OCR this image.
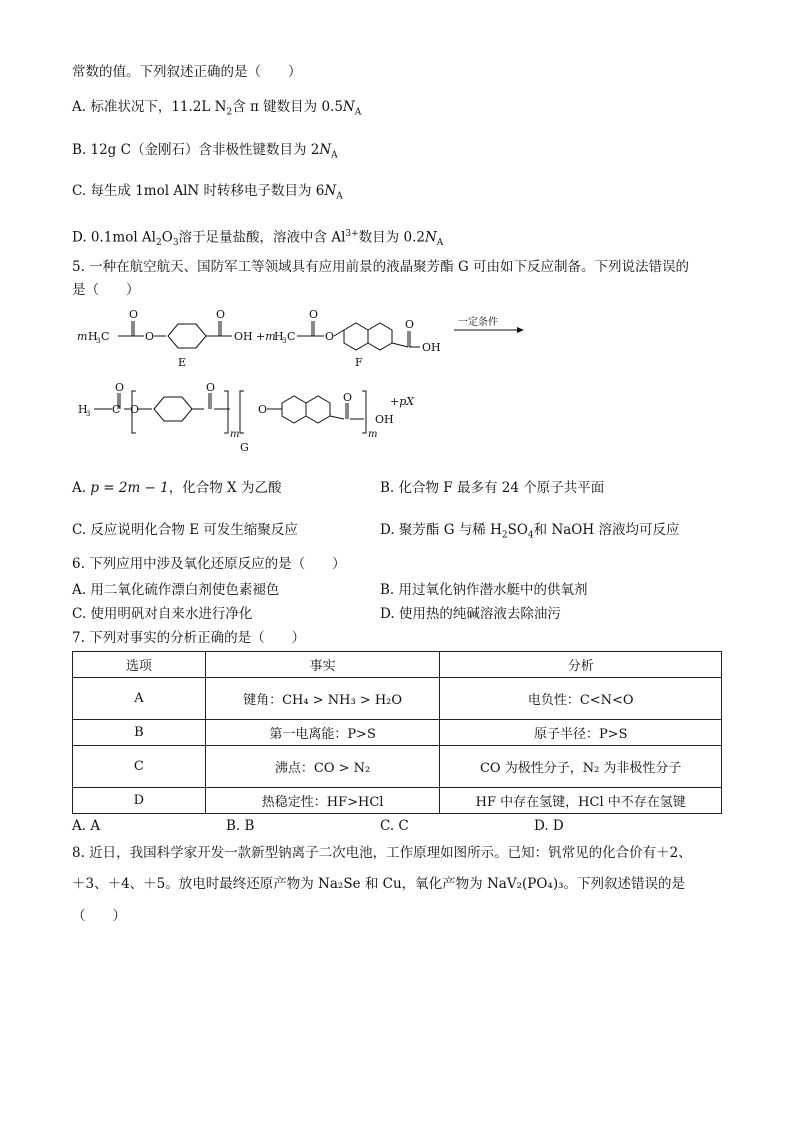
常数的值。下列叙述正确的是（　　）
A. 标准状况下，11.2L $N_2$含 π 键数目为 $0.5N_A$
B. 12g C（金刚石）含非极性键数目为 $2N_A$
C. 每生成 1mol AlN 时转移电子数目为 $6N_A$
D. 0.1mol $Al_2O_3$溶于足量盐酸，溶液中含 $Al^{3+}$数目为 $0.2N_A$
5. 一种在航空航天、国防军工等领域具有应用前景的液晶聚芳酯 G 可由如下反应制备。下列说法错误的
是（　　）
m H
3 C
O
O
O
OH +m
E
H
3 C
O
O
O
OH
F
一定条件
H
3 C
O
O
O
m
O
O
m
OH
+pX
G
A. p = 2m − 1，化合物 X 为乙酸	B. 化合物 F 最多有 24 个原子共平面
C. 反应说明化合物 E 可发生缩聚反应	D. 聚芳酯 G 与稀 $H_2SO_4$和 NaOH 溶液均可反应
6. 下列应用中涉及氧化还原反应的是（　　）
A. 用二氧化硫作漂白剂使色素褪色	B. 用过氧化钠作潜水艇中的供氧剂
C. 使用明矾对自来水进行净化	D. 使用热的纯碱溶液去除油污
7. 下列对事实的分析正确的是（　　）
选项	事实	分析
A	键角：CH₄ > NH₃ > H₂O	电负性：C<N<O
B	第一电离能：P>S	原子半径：P>S
C	沸点：CO > N₂	CO 为极性分子，N₂ 为非极性分子
D	热稳定性：HF>HCl	HF 中存在氢键，HCl 中不存在氢键
A. A	B. B	C. C	D. D
8. 近日，我国科学家开发一款新型钠离子二次电池，工作原理如图所示。已知：钒常见的化合价有＋2、
＋3、＋4、＋5。放电时最终还原产物为 Na₂Se 和 Cu，氧化产物为 NaV₂(PO₄)₃。下列叙述错误的是
（　　）
